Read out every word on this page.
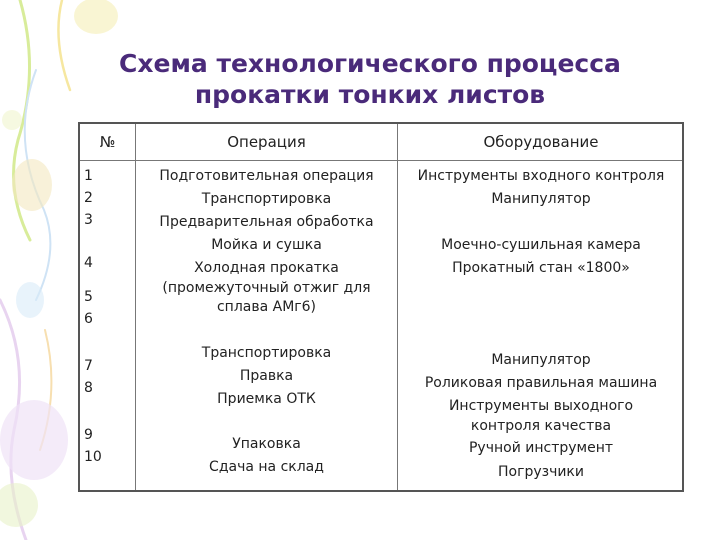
Схема технологического процесса
прокатки тонких листов
№	Операция	Оборудование
1
2
3
4
5
6
7
8
9
10
Подготовительная операция
Транспортировка
Предварительная обработка
Мойка и сушка
Холодная прокатка
(промежуточный отжиг для
сплава АМг6)
Транспортировка
Правка
Приемка ОТК
Упаковка
Сдача на склад
Инструменты входного контроля
Манипулятор
Моечно-сушильная камера
Прокатный стан «1800»
Манипулятор
Роликовая правильная машина
Инструменты выходного
контроля качества
Ручной инструмент
Погрузчики
